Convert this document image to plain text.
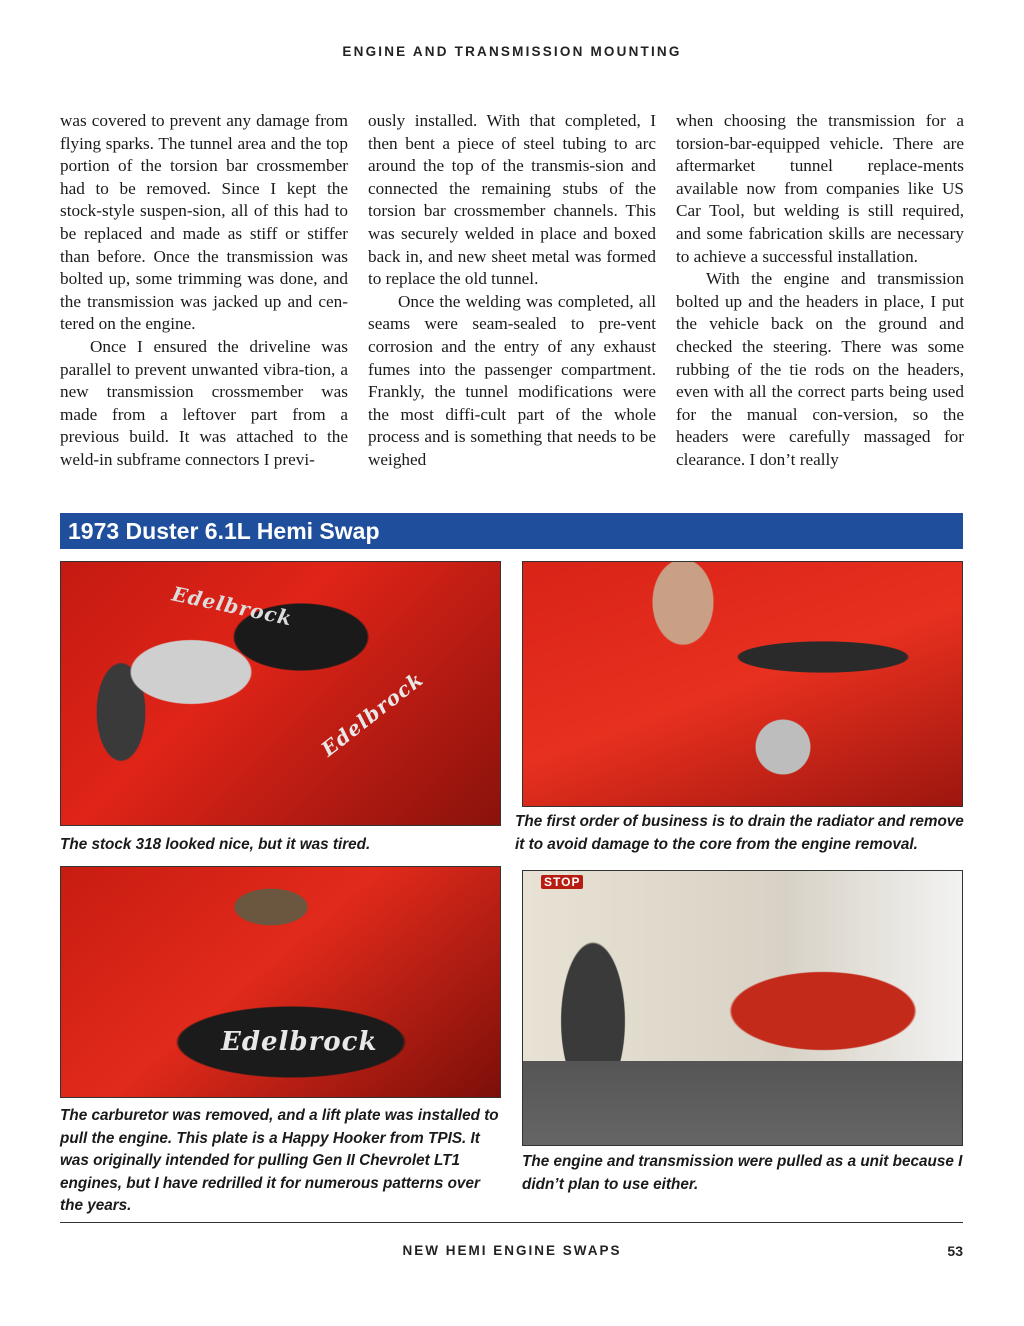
ENGINE AND TRANSMISSION MOUNTING

was covered to prevent any damage from flying sparks. The tunnel area and the top portion of the torsion bar crossmember had to be removed. Since I kept the stock-style suspen-sion, all of this had to be replaced and made as stiff or stiffer than before. Once the transmission was bolted up, some trimming was done, and the transmission was jacked up and cen-tered on the engine.

Once I ensured the driveline was parallel to prevent unwanted vibra-tion, a new transmission crossmember was made from a leftover part from a previous build. It was attached to the weld-in subframe connectors I previ-

ously installed. With that completed, I then bent a piece of steel tubing to arc around the top of the transmis-sion and connected the remaining stubs of the torsion bar crossmember channels. This was securely welded in place and boxed back in, and new sheet metal was formed to replace the old tunnel.

Once the welding was completed, all seams were seam-sealed to pre-vent corrosion and the entry of any exhaust fumes into the passenger compartment. Frankly, the tunnel modifications were the most diffi-cult part of the whole process and is something that needs to be weighed

when choosing the transmission for a torsion-bar-equipped vehicle. There are aftermarket tunnel replace-ments available now from companies like US Car Tool, but welding is still required, and some fabrication skills are necessary to achieve a successful installation.

With the engine and transmission bolted up and the headers in place, I put the vehicle back on the ground and checked the steering. There was some rubbing of the tie rods on the headers, even with all the correct parts being used for the manual con-version, so the headers were carefully massaged for clearance. I don’t really

1973 Duster 6.1L Hemi Swap
Edelbrock
Edelbrock
The stock 318 looked nice, but it was tired.
The first order of business is to drain the radiator and remove it to avoid damage to the core from the engine removal.
Edelbrock
The carburetor was removed, and a lift plate was installed to pull the engine. This plate is a Happy Hooker from TPIS. It was originally intended for pulling Gen II Chevrolet LT1 engines, but I have redrilled it for numerous patterns over the years.
STOP
The engine and transmission were pulled as a unit because I didn’t plan to use either.
NEW HEMI ENGINE SWAPS	53
